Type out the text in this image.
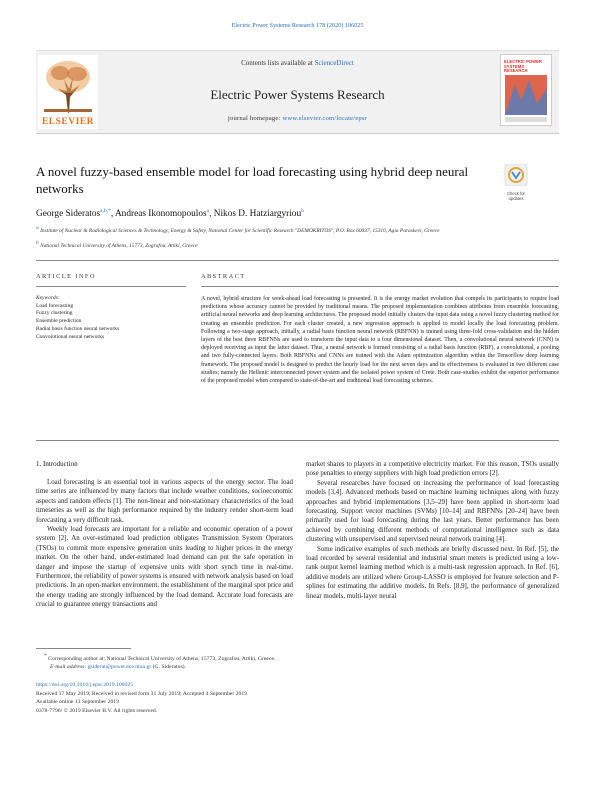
Electric Power Systems Research 178 (2020) 106025
ELSEVIER
Contents lists available at ScienceDirect
Electric Power Systems Research
journal homepage: www.elsevier.com/locate/epsr
ELECTRIC POWER SYSTEMS RESEARCH
A novel fuzzy-based ensemble model for load forecasting using hybrid deep neural networks	Check for updates
George Sideratos$^{a,b,*}$, Andreas Ikonomopoulos$^a$, Nikos D. Hatziargyriou$^b$
$^a$ Institute of Nuclear & Radiological Sciences & Technology, Energy & Safety, National Center for Scientific Research "DEMOKRITOS", P.O. Box 60037, 15310, Agia Paraskevi, Greece
$^b$ National Technical University of Athens, 15773, Zografou, Attiki, Greece
ARTICLE INFO	ABSTRACT
Keywords:
Load forecasting
Fuzzy clustering
Ensemble prediction
Radial basis function neural networks
Convolutional neural networks
A novel, hybrid structure for week-ahead load forecasting is presented. It is the energy market evolution that compels its participants to require load predictions whose accuracy cannot be provided by traditional means. The proposed implementation combines attributes from ensemble forecasting, artificial neural networks and deep learning architectures. The proposed model initially clusters the input data using a novel fuzzy clustering method for creating an ensemble prediction. For each cluster created, a new regression approach is applied to model locally the load forecasting problem. Following a two-stage approach, initially, a radial basis function neural network (RBFNN) is trained using three-fold cross-validation and the hidden layers of the best three RBFNNs are used to transform the input data to a four dimensional dataset. Then, a convolutional neural network (CNN) is deployed receiving as input the latter dataset. Thus, a neural network is formed consisting of a radial basis function (RBF), a convolutional, a pooling and two fully-connected layers. Both RBFNNs and CNNs are trained with the Adam optimization algorithm within the Tensorflow deep learning framework. The proposed model is designed to predict the hourly load for the next seven days and its effectiveness is evaluated in two different case studies; namely the Hellenic interconnected power system and the isolated power system of Crete. Both case-studies exhibit the superior performance of the proposed model when compared to state-of-the-art and traditional load forecasting schemes.
1. Introduction

Load forecasting is an essential tool in various aspects of the energy sector. The load time series are influenced by many factors that include weather conditions, socioeconomic aspects and random effects [1]. The non-linear and non-stationary characteristics of the load timeseries as well as the high performance required by the industry render short-term load forecasting a very difficult task.

Weekly load forecasts are important for a reliable and economic operation of a power system [2]. An over-estimated load prediction obligates Transmission System Operators (TSOs) to commit more expensive generation units leading to higher prices in the energy market. On the other hand, under-estimated load demand can put the safe operation in danger and impose the startup of expensive units with short synch time in real-time. Furthermore, the reliability of power systems is ensured with network analysis based on load predictions. In an open-market environment, the establishment of the marginal spot price and the energy trading are strongly influenced by the load demand. Accurate load forecasts are crucial to guarantee energy transactions and

market shares to players in a competitive electricity market. For this reason, TSOs usually pose penalties to energy suppliers with high load prediction errors [2].

Several researches have focused on increasing the performance of load forecasting models [3,4]. Advanced methods based on machine learning techniques along with fuzzy approaches and hybrid implementations [3,5–29] have been applied in short-term load forecasting. Support vector machines (SVMs) [10–14] and RBFNNs [20–24] have been primarily used for load forecasting during the last years. Better performance has been achieved by combining different methods of computational intelligence such as data clustering with unsupervised and supervised neural network training [4].

Some indicative examples of such methods are briefly discussed next. In Ref. [5], the load recorded by several residential and industrial smart meters is predicted using a low-rank output kernel learning method which is a multi-task regression approach. In Ref. [6], additive models are utilized where Group-LASSO is employed for feature selection and P-splines for estimating the additive models. In Refs. [8,9], the performance of generalized linear models, multi-layer neural

* Corresponding author at: National Technical University of Athens, 15773, Zografou, Attiki, Greece.
E-mail address: gsiderat@power.ece.ntua.gr (G. Sideratos).
https://doi.org/10.1016/j.epsr.2019.106025
Received 17 May 2019; Received in revised form 31 July 2019; Accepted 4 September 2019
Available online 13 September 2019
0378-7796/ © 2019 Elsevier B.V. All rights reserved.
